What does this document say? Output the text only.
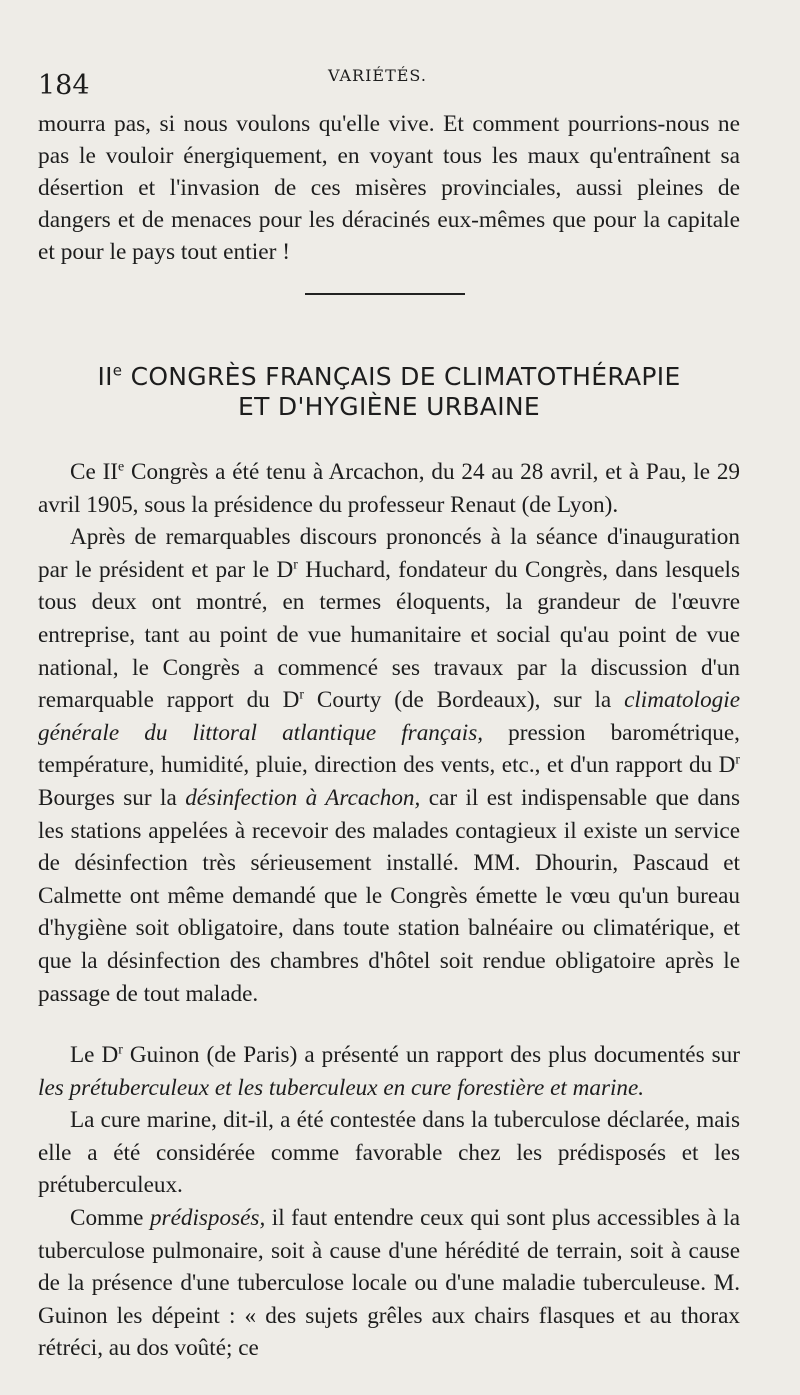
184	VARIÉTÉS.

mourra pas, si nous voulons qu'elle vive. Et comment pourrions-nous ne pas le vouloir énergiquement, en voyant tous les maux qu'entraînent sa désertion et l'invasion de ces misères provinciales, aussi pleines de dangers et de menaces pour les déracinés eux-mêmes que pour la capitale et pour le pays tout entier !

IIe CONGRÈS FRANÇAIS DE CLIMATOTHÉRAPIE
ET D'HYGIÈNE URBAINE

Ce IIe Congrès a été tenu à Arcachon, du 24 au 28 avril, et à Pau, le 29 avril 1905, sous la présidence du professeur Renaut (de Lyon).

Après de remarquables discours prononcés à la séance d'inauguration par le président et par le $D^r$ Huchard, fondateur du Congrès, dans lesquels tous deux ont montré, en termes éloquents, la grandeur de l'œuvre entreprise, tant au point de vue humanitaire et social qu'au point de vue national, le Congrès a commencé ses travaux par la discussion d'un remarquable rapport du $D^r$ Courty (de Bordeaux), sur la climatologie générale du littoral atlantique français, pression barométrique, température, humidité, pluie, direction des vents, etc., et d'un rapport du $D^r$ Bourges sur la désinfection à Arcachon, car il est indispensable que dans les stations appelées à recevoir des malades contagieux il existe un service de désinfection très sérieusement installé. MM. Dhourin, Pascaud et Calmette ont même demandé que le Congrès émette le vœu qu'un bureau d'hygiène soit obligatoire, dans toute station balnéaire ou climatérique, et que la désinfection des chambres d'hôtel soit rendue obligatoire après le passage de tout malade.

Le $D^r$ Guinon (de Paris) a présenté un rapport des plus documentés sur les prétuberculeux et les tuberculeux en cure forestière et marine.

La cure marine, dit-il, a été contestée dans la tuberculose déclarée, mais elle a été considérée comme favorable chez les prédisposés et les prétuberculeux.

Comme prédisposés, il faut entendre ceux qui sont plus accessibles à la tuberculose pulmonaire, soit à cause d'une hérédité de terrain, soit à cause de la présence d'une tuberculose locale ou d'une maladie tuberculeuse. M. Guinon les dépeint : « des sujets grêles aux chairs flasques et au thorax rétréci, au dos voûté; ce
